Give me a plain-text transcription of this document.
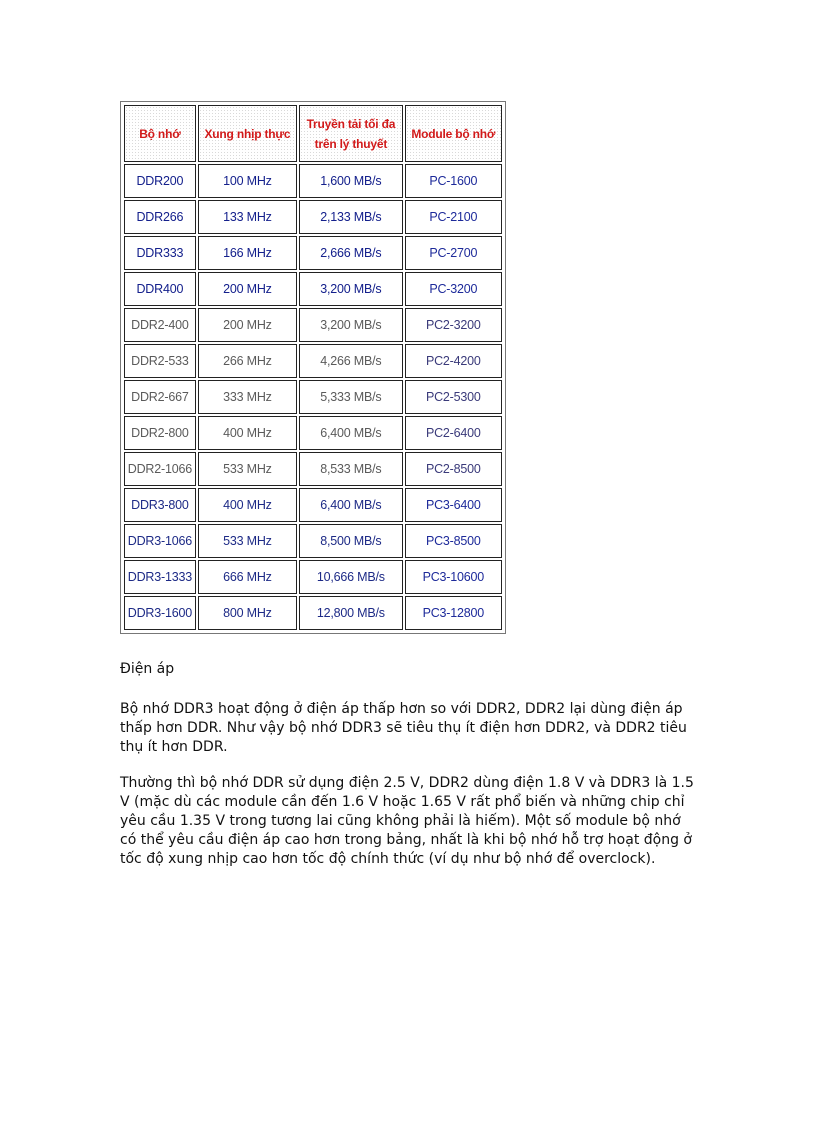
Bộ nhớ	Xung nhịp thực	Truyền tải tối đa trên lý thuyết	Module bộ nhớ
DDR200	100 MHz	1,600 MB/s	PC-1600
DDR266	133 MHz	2,133 MB/s	PC-2100
DDR333	166 MHz	2,666 MB/s	PC-2700
DDR400	200 MHz	3,200 MB/s	PC-3200
DDR2-400	200 MHz	3,200 MB/s	PC2-3200
DDR2-533	266 MHz	4,266 MB/s	PC2-4200
DDR2-667	333 MHz	5,333 MB/s	PC2-5300
DDR2-800	400 MHz	6,400 MB/s	PC2-6400
DDR2-1066	533 MHz	8,533 MB/s	PC2-8500
DDR3-800	400 MHz	6,400 MB/s	PC3-6400
DDR3-1066	533 MHz	8,500 MB/s	PC3-8500
DDR3-1333	666 MHz	10,666 MB/s	PC3-10600
DDR3-1600	800 MHz	12,800 MB/s	PC3-12800

Điện áp

Bộ nhớ DDR3 hoạt động ở điện áp thấp hơn so với DDR2, DDR2 lại dùng điện áp thấp hơn DDR. Như vậy bộ nhớ DDR3 sẽ tiêu thụ ít điện hơn DDR2, và DDR2 tiêu thụ ít hơn DDR.

Thường thì bộ nhớ DDR sử dụng điện 2.5 V, DDR2 dùng điện 1.8 V và DDR3 là 1.5 V (mặc dù các module cần đến 1.6 V hoặc 1.65 V rất phổ biến và những chip chỉ yêu cầu 1.35 V trong tương lai cũng không phải là hiếm). Một số module bộ nhớ có thể yêu cầu điện áp cao hơn trong bảng, nhất là khi bộ nhớ hỗ trợ hoạt động ở tốc độ xung nhịp cao hơn tốc độ chính thức (ví dụ như bộ nhớ để overclock).
